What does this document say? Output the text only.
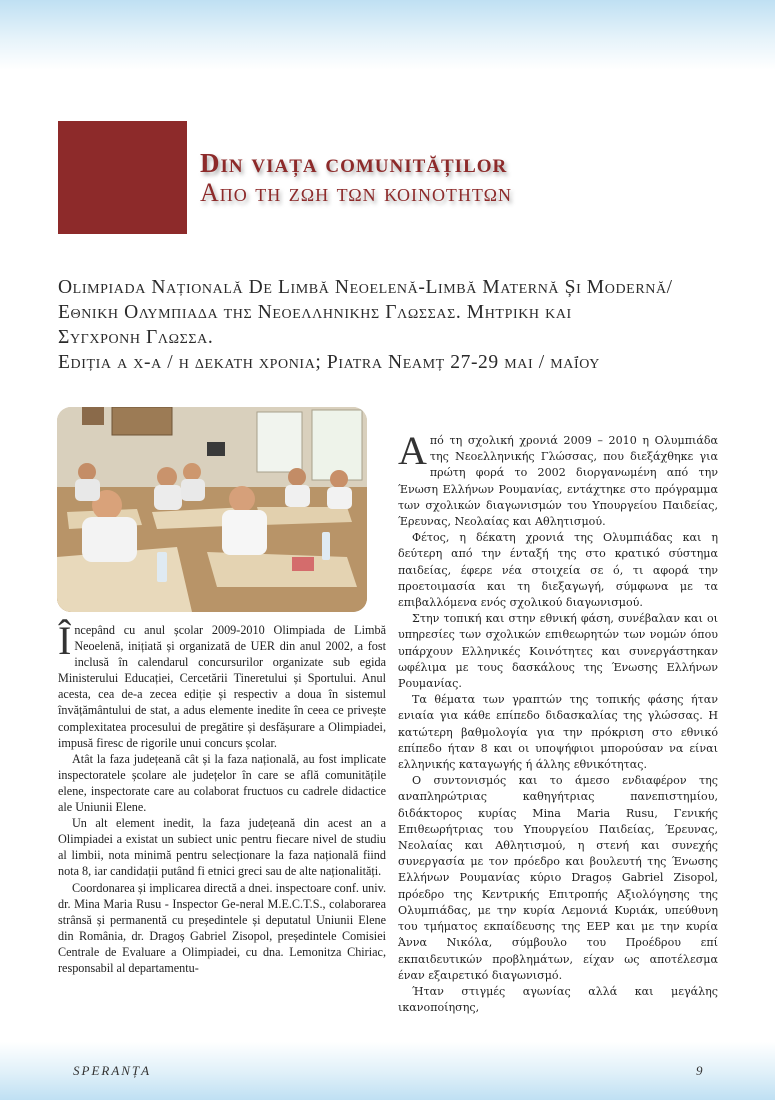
Din viața comunităților
Απο τη ζωη των κοινοτητων
Olimpiada Națională De Limbă Neoelenă-Limbă Maternă Și Modernă/
Εθνικη Ολυμπιαδα της Νεοελληνικης Γλωσσας. Μητρικη και
Συγχρονη Γλωσσα.
Ediția a x-a / η δεκατη χρονια; Piatra Neamț 27-29 mai / μαΐου

Începând cu anul școlar 2009-2010 Olimpiada de Limbă Neoelenă, inițiată și organizată de UER din anul 2002, a fost inclusă în calendarul concursurilor organizate sub egida Ministerului Educației, Cercetării Tineretului și Sportului. Anul acesta, cea de-a zecea ediție și respectiv a doua în sistemul învățământului de stat, a adus elemente inedite în ceea ce privește complexitatea procesului de pregătire și desfășurare a Olimpiadei, impusă firesc de rigorile unui concurs școlar.

Atât la faza județeană cât și la faza națională, au fost implicate inspectoratele școlare ale județelor în care se află comunitățile elene, inspectorate care au colaborat fructuos cu cadrele didactice ale Uniunii Elene.

Un alt element inedit, la faza județeană din acest an a Olimpiadei a existat un subiect unic pentru fiecare nivel de studiu al limbii, nota minimă pentru selecționare la faza națională fiind nota 8, iar candidații putând fi etnici greci sau de alte naționalități.

Coordonarea și implicarea directă a dnei. inspectoare conf. univ. dr. Mina Maria Rusu - Inspector Ge-neral M.E.C.T.S., colaborarea strânsă și permanentă cu președintele și deputatul Uniunii Elene din România, dr. Dragoș Gabriel Zisopol, președintele Comisiei Centrale de Evaluare a Olimpiadei, cu dna. Lemonitza Chiriac, responsabil al departamentu-

Από τη σχολική χρονιά 2009 – 2010 η Ολυμπιάδα της Νεοελληνικής Γλώσσας, που διεξάχθηκε για πρώτη φορά το 2002 διοργανωμένη από την Ένωση Ελλήνων Ρουμανίας, εντάχτηκε στο πρόγραμμα των σχολικών διαγωνισμών του Υπουργείου Παιδείας, Έρευνας, Νεολαίας και Αθλητισμού.

Φέτος, η δέκατη χρονιά της Ολυμπιάδας και η δεύτερη από την ένταξή της στο κρατικό σύστημα παιδείας, έφερε νέα στοιχεία σε ό, τι αφορά την προετοιμασία και τη διεξαγωγή, σύμφωνα με τα επιβαλλόμενα ενός σχολικού διαγωνισμού.

Στην τοπική και στην εθνική φάση, συνέβαλαν και οι υπηρεσίες των σχολικών επιθεωρητών των νομών όπου υπάρχουν Ελληνικές Κοινότητες και συνεργάστηκαν ωφέλιμα με τους δασκάλους της Ένωσης Ελλήνων Ρουμανίας.

Τα θέματα των γραπτών της τοπικής φάσης ήταν ενιαία για κάθε επίπεδο διδασκαλίας της γλώσσας. Η κατώτερη βαθμολογία για την πρόκριση στο εθνικό επίπεδο ήταν 8 και οι υποψήφιοι μπορούσαν να είναι ελληνικής καταγωγής ή άλλης εθνικότητας.

Ο συντονισμός και το άμεσο ενδιαφέρον της αναπληρώτριας καθηγήτριας πανεπιστημίου, διδάκτορος κυρίας Mina Maria Rusu, Γενικής Επιθεωρήτριας του Υπουργείου Παιδείας, Έρευνας, Νεολαίας και Αθλητισμού, η στενή και συνεχής συνεργασία με τον πρόεδρο και βουλευτή της Ένωσης Ελλήνων Ρουμανίας κύριο Dragoș Gabriel Zisopol, πρόεδρο της Κεντρικής Επιτροπής Αξιολόγησης της Ολυμπιάδας, με την κυρία Λεμονιά Κυριάκ, υπεύθυνη του τμήματος εκπαίδευσης της ΕΕΡ και με την κυρία Άννα Νικόλα, σύμβουλο του Προέδρου επί εκπαιδευτικών προβλημάτων, είχαν ως αποτέλεσμα έναν εξαιρετικό διαγωνισμό.

Ήταν στιγμές αγωνίας αλλά και μεγάλης ικανοποίησης,

SPERANȚA	9
